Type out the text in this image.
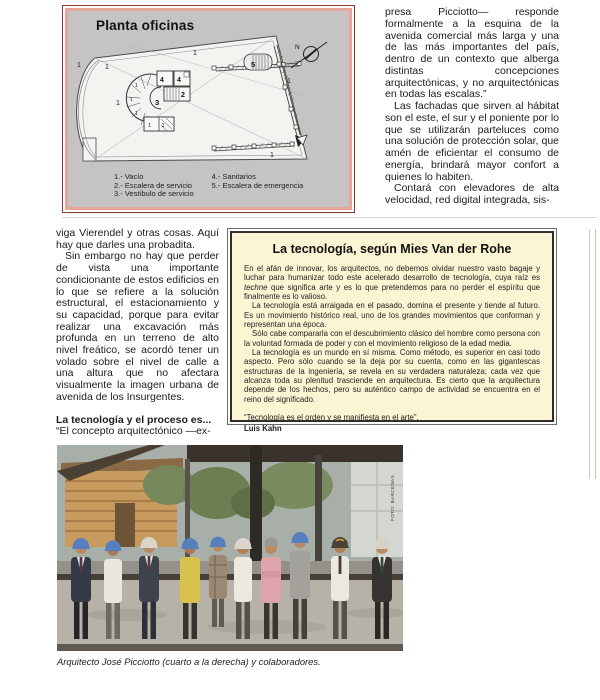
Planta oficinas
1
1
1
4 4
2
1 1
3
1
1
1
1
1
1	5
N
1.- Vacío
2.- Escalera de servicio
3.- Vestíbulo de servicio
4.- Sanitarios
5.- Escalera de emergencia

presa Picciotto— responde formalmente a la esquina de la avenida comercial más larga y una de las más importantes del país, dentro de un contexto que alberga distintas concepciones arquitectónicas, y no arquitectónicas en todas las escalas.”

Las fachadas que sirven al hábitat son el este, el sur y el poniente por lo que se utilizarán parteluces como una solución de protección solar, que amén de eficientar el consumo de energía, brindará mayor confort a quienes lo habiten.

Contará con elevadores de alta velocidad, red digital integrada, sis-

viga Vierendel y otras cosas. Aquí hay que darles una probadita.

Sin embargo no hay que perder de vista una importante condicionante de estos edificios en lo que se refiere a la solución estructural, el estacionamiento y su capacidad, porque para evitar realizar una excavación más profunda en un terreno de alto nivel freático, se acordó tener un volado sobre el nivel de calle a una altura que no afectara visualmente la imagen urbana de avenida de los Insurgentes.

La tecnología y el proceso es...

“El concepto arquitectónico —ex-

La tecnología, según Mies Van der Rohe

En el afán de innovar, los arquitectos, no debemos olvidar nuestro vasto bagaje y luchar para humanizar todo este acelerado desarrollo de tecnología, cuya raíz es techne que significa arte y es lo que pretendemos para no perder el espíritu que finalmente es lo valioso.

La tecnología está arraigada en el pasado, domina el presente y tiende al futuro. Es un movimiento histórico real, uno de los grandes movimientos que conforman y representan una época.

Sólo cabe compararla con el descubrimiento clásico del hombre como persona con la voluntad formada de poder y con el movimiento religioso de la edad media.

La tecnología es un mundo en sí misma. Como método, es superior en casi todo aspecto. Pero sólo cuando se la deja por su cuenta, como en las gigantescas estructuras de la ingeniería, se revela en su verdadera naturaleza; cada vez que alcanza toda su plenitud trasciende en arquitectura. Es cierto que la arquitectura depende de los hechos, pero su auténtico campo de actividad se encuentra en el reino del significado.

“Tecnología es el orden y se manifiesta en el arte”.

Luis Kahn

FOTO: BARCENAS
Arquitecto José Picciotto (cuarto a la derecha) y colaboradores.
